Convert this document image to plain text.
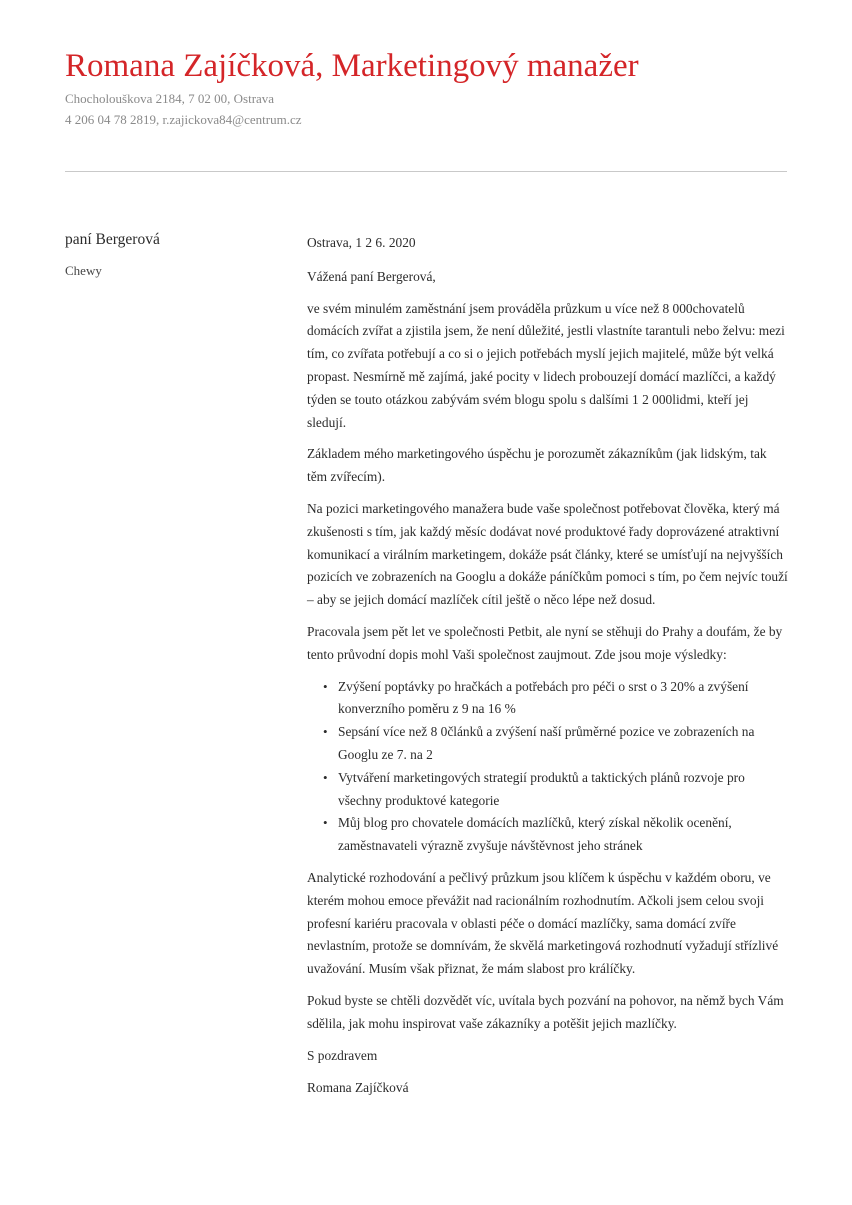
Romana Zajíčková, Marketingový manažer

Chocholouškova 2184, 7 02 00, Ostrava

4 206 04 78 2819, r.zajickova84@centrum.cz

paní Bergerová

Chewy

Ostrava, 1 2 6. 2020

Vážená paní Bergerová,

ve svém minulém zaměstnání jsem prováděla průzkum u více než 8 000chovatelů domácích zvířat a zjistila jsem, že není důležité, jestli vlastníte tarantuli nebo želvu: mezi tím, co zvířata potřebují a co si o jejich potřebách myslí jejich majitelé, může být velká propast. Nesmírně mě zajímá, jaké pocity v lidech probouzejí domácí mazlíčci, a každý týden se touto otázkou zabývám svém blogu spolu s dalšími 1 2 000lidmi, kteří jej sledují.

Základem mého marketingového úspěchu je porozumět zákazníkům (jak lidským, tak těm zvířecím).

Na pozici marketingového manažera bude vaše společnost potřebovat člověka, který má zkušenosti s tím, jak každý měsíc dodávat nové produktové řady doprovázené atraktivní komunikací a virálním marketingem, dokáže psát články, které se umísťují na nejvyšších pozicích ve zobrazeních na Googlu a dokáže páníčkům pomoci s tím, po čem nejvíc touží – aby se jejich domácí mazlíček cítil ještě o něco lépe než dosud.

Pracovala jsem pět let ve společnosti Petbit, ale nyní se stěhuji do Prahy a doufám, že by tento průvodní dopis mohl Vaši společnost zaujmout. Zde jsou moje výsledky:

• Zvýšení poptávky po hračkách a potřebách pro péči o srst o 3 20% a zvýšení konverzního poměru z 9 na 16 %
• Sepsání více než 8 0článků a zvýšení naší průměrné pozice ve zobrazeních na Googlu ze 7. na 2
• Vytváření marketingových strategií produktů a taktických plánů rozvoje pro všechny produktové kategorie
• Můj blog pro chovatele domácích mazlíčků, který získal několik ocenění, zaměstnavateli výrazně zvyšuje návštěvnost jeho stránek

Analytické rozhodování a pečlivý průzkum jsou klíčem k úspěchu v každém oboru, ve kterém mohou emoce převážit nad racionálním rozhodnutím. Ačkoli jsem celou svoji profesní kariéru pracovala v oblasti péče o domácí mazlíčky, sama domácí zvíře nevlastním, protože se domnívám, že skvělá marketingová rozhodnutí vyžadují střízlivé uvažování. Musím však přiznat, že mám slabost pro králíčky.

Pokud byste se chtěli dozvědět víc, uvítala bych pozvání na pohovor, na němž bych Vám sdělila, jak mohu inspirovat vaše zákazníky a potěšit jejich mazlíčky.

S pozdravem

Romana Zajíčková
